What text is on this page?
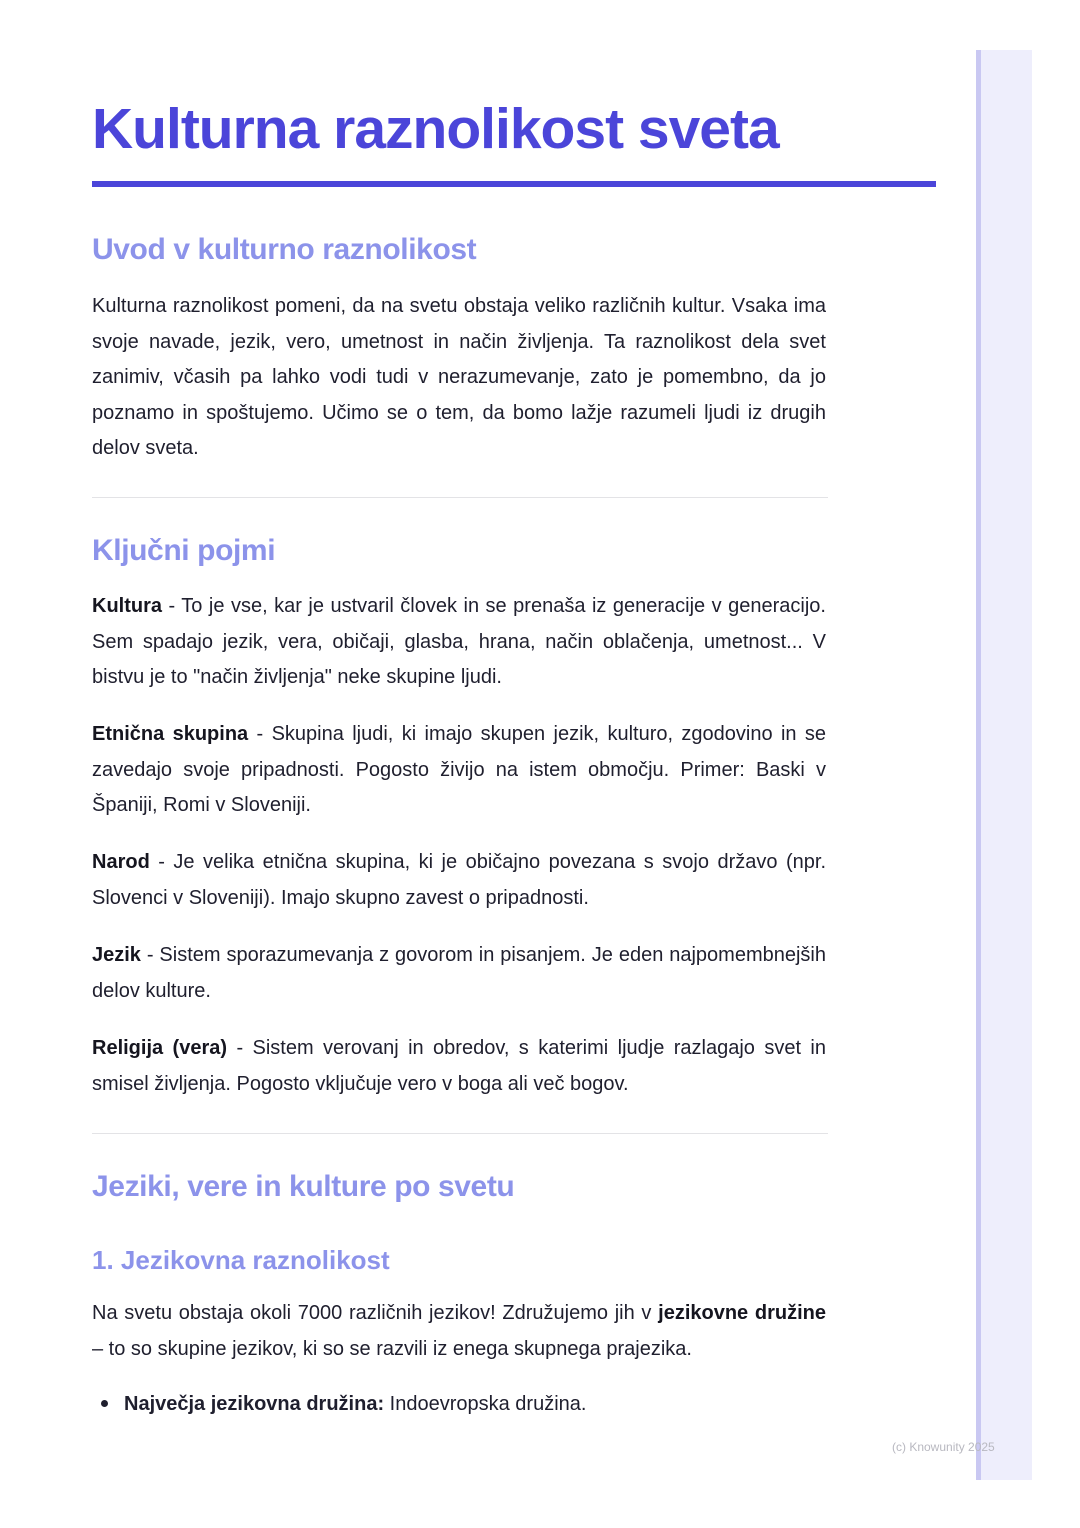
Kulturna raznolikost sveta
Uvod v kulturno raznolikost

Kulturna raznolikost pomeni, da na svetu obstaja veliko različnih kultur. Vsaka ima svoje navade, jezik, vero, umetnost in način življenja. Ta raznolikost dela svet zanimiv, včasih pa lahko vodi tudi v nerazumevanje, zato je pomembno, da jo poznamo in spoštujemo. Učimo se o tem, da bomo lažje razumeli ljudi iz drugih delov sveta.

Ključni pojmi

Kultura - To je vse, kar je ustvaril človek in se prenaša iz generacije v generacijo. Sem spadajo jezik, vera, običaji, glasba, hrana, način oblačenja, umetnost... V bistvu je to "način življenja" neke skupine ljudi.

Etnična skupina - Skupina ljudi, ki imajo skupen jezik, kulturo, zgodovino in se zavedajo svoje pripadnosti. Pogosto živijo na istem območju. Primer: Baski v Španiji, Romi v Sloveniji.

Narod - Je velika etnična skupina, ki je običajno povezana s svojo državo (npr. Slovenci v Sloveniji). Imajo skupno zavest o pripadnosti.

Jezik - Sistem sporazumevanja z govorom in pisanjem. Je eden najpomembnejših delov kulture.

Religija (vera) - Sistem verovanj in obredov, s katerimi ljudje razlagajo svet in smisel življenja. Pogosto vključuje vero v boga ali več bogov.

Jeziki, vere in kulture po svetu
1. Jezikovna raznolikost

Na svetu obstaja okoli 7000 različnih jezikov! Združujemo jih v jezikovne družine – to so skupine jezikov, ki so se razvili iz enega skupnega prajezika.

Največja jezikovna družina: Indoevropska družina.

(c) Knowunity 2025
